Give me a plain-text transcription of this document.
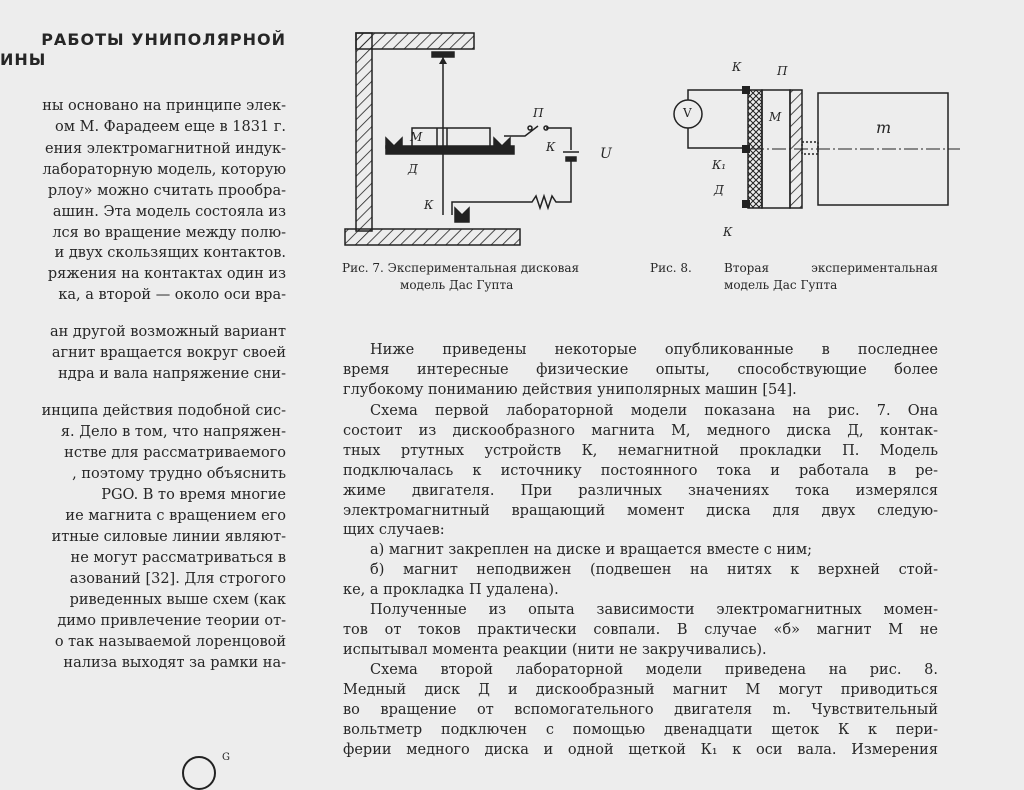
РАБОТЫ УНИПОЛЯРНОЙ
ИНЫ
ны основано на принципе элек-
ом М. Фарадеем еще в 1831 г.
ения электромагнитной индук-
лабораторную модель, которую
рлоу» можно считать прообра-
ашин. Эта модель состояла из
лся во вращение между полю-
и двух скользящих контактов.
ряжения на контактах один из
ка, а второй — около оси вра-
ан другой возможный вариант
агнит вращается вокруг своей
ндра и вала напряжение сни-
инципа действия подобной сис-
я. Дело в том, что напряжен-
нстве для рассматриваемого
, поэтому трудно объяснить
PGO. В то время многие
ие магнита с вращением его
итные силовые линии являют-
не могут рассматриваться в
азований [32]. Для строгого
риведенных выше схем (как
димо привлечение теории от-
о так называемой лоренцовой
нализа выходят за рамки на-
М
П
К
Д
U
К
V
К	П
М
m
К₁
Д
К
Рис. 7. Экспериментальная дисковая
модель Дас Гупта
Рис. 8.	Вторая экспериментальная
модель Дас Гупта
Ниже приведены некоторые опубликованные в последнее
время интересные физические опыты, способствующие более
глубокому пониманию действия униполярных машин [54].
Схема первой лабораторной модели показана на рис. 7. Она
состоит из дискообразного магнита М, медного диска Д, контак-
тных ртутных устройств К, немагнитной прокладки П. Модель
подключалась к источнику постоянного тока и работала в ре-
жиме двигателя. При различных значениях тока измерялся
электромагнитный вращающий момент диска для двух следую-
щих случаев:
а) магнит закреплен на диске и вращается вместе с ним;
б) магнит неподвижен (подвешен на нитях к верхней стой-
ке, а прокладка П удалена).
Полученные из опыта зависимости электромагнитных момен-
тов от токов практически совпали. В случае «б» магнит М не
испытывал момента реакции (нити не закручивались).
Схема второй лабораторной модели приведена на рис. 8.
Медный диск Д и дискообразный магнит М могут приводиться
во вращение от вспомогательного двигателя m. Чувствительный
вольтметр подключен с помощью двенадцати щеток К к пери-
ферии медного диска и одной щеткой К₁ к оси вала. Измерения
G
